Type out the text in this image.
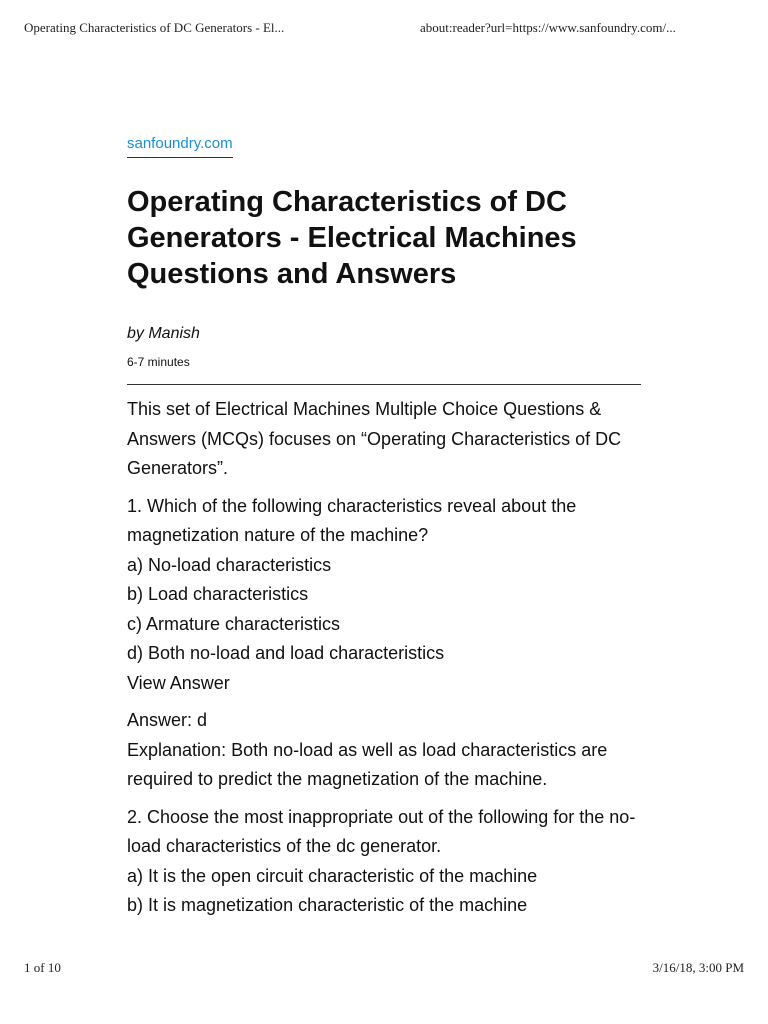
Operating Characteristics of DC Generators - El...	about:reader?url=https://www.sanfoundry.com/...
sanfoundry.com
Operating Characteristics of DC Generators - Electrical Machines Questions and Answers
by Manish
6-7 minutes

This set of Electrical Machines Multiple Choice Questions & Answers (MCQs) focuses on “Operating Characteristics of DC Generators”.

1. Which of the following characteristics reveal about the magnetization nature of the machine?

a) No-load characteristics

b) Load characteristics

c) Armature characteristics

d) Both no-load and load characteristics

View Answer

Answer: d

Explanation: Both no-load as well as load characteristics are required to predict the magnetization of the machine.

2. Choose the most inappropriate out of the following for the no-load characteristics of the dc generator.

a) It is the open circuit characteristic of the machine

b) It is magnetization characteristic of the machine

1 of 10	3/16/18, 3:00 PM
